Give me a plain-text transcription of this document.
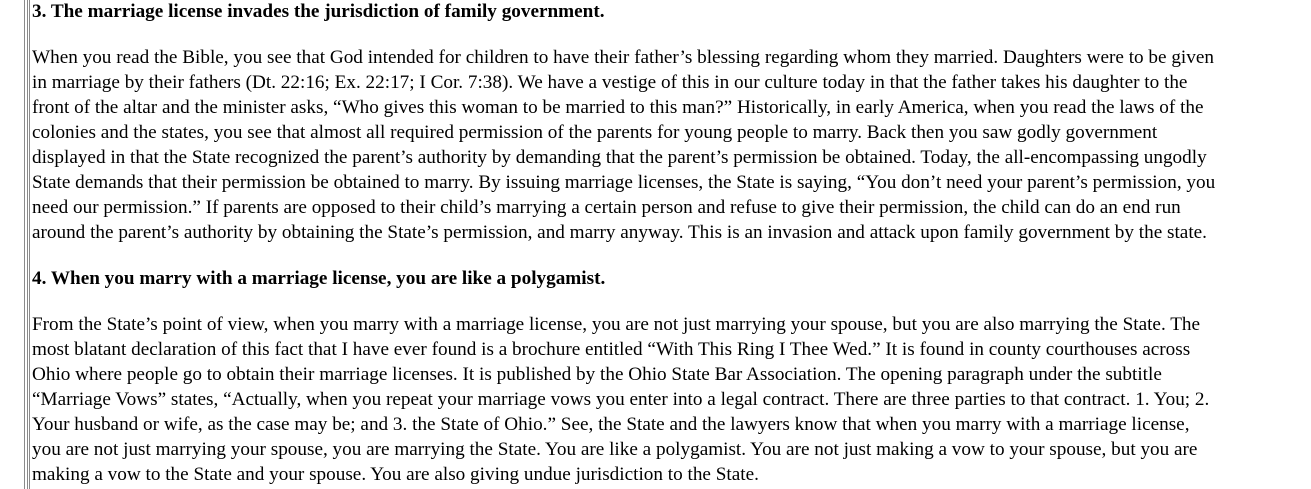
3. The marriage license invades the jurisdiction of family government.
When you read the Bible, you see that God intended for children to have their father’s blessing regarding whom they married. Daughters were to be given
in marriage by their fathers (Dt. 22:16; Ex. 22:17; I Cor. 7:38). We have a vestige of this in our culture today in that the father takes his daughter to the
front of the altar and the minister asks, “Who gives this woman to be married to this man?” Historically, in early America, when you read the laws of the
colonies and the states, you see that almost all required permission of the parents for young people to marry. Back then you saw godly government
displayed in that the State recognized the parent’s authority by demanding that the parent’s permission be obtained. Today, the all-encompassing ungodly
State demands that their permission be obtained to marry. By issuing marriage licenses, the State is saying, “You don’t need your parent’s permission, you
need our permission.” If parents are opposed to their child’s marrying a certain person and refuse to give their permission, the child can do an end run
around the parent’s authority by obtaining the State’s permission, and marry anyway. This is an invasion and attack upon family government by the state.
4. When you marry with a marriage license, you are like a polygamist.
From the State’s point of view, when you marry with a marriage license, you are not just marrying your spouse, but you are also marrying the State. The
most blatant declaration of this fact that I have ever found is a brochure entitled “With This Ring I Thee Wed.” It is found in county courthouses across
Ohio where people go to obtain their marriage licenses. It is published by the Ohio State Bar Association. The opening paragraph under the subtitle
“Marriage Vows” states, “Actually, when you repeat your marriage vows you enter into a legal contract. There are three parties to that contract. 1. You; 2.
Your husband or wife, as the case may be; and 3. the State of Ohio.” See, the State and the lawyers know that when you marry with a marriage license,
you are not just marrying your spouse, you are marrying the State. You are like a polygamist. You are not just making a vow to your spouse, but you are
making a vow to the State and your spouse. You are also giving undue jurisdiction to the State.
